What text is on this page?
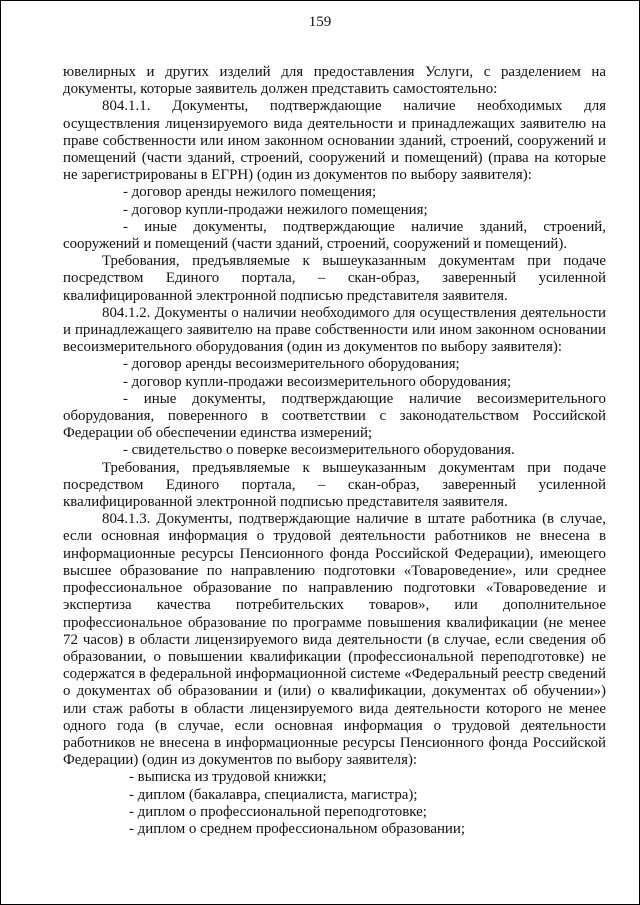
159

ювелирных и других изделий для предоставления Услуги, с разделением на документы, которые заявитель должен представить самостоятельно:

804.1.1. Документы, подтверждающие наличие необходимых для осуществления лицензируемого вида деятельности и принадлежащих заявителю на праве собственности или ином законном основании зданий, строений, сооружений и помещений (части зданий, строений, сооружений и помещений) (права на которые не зарегистрированы в ЕГРН) (один из документов по выбору заявителя):

- договор аренды нежилого помещения;

- договор купли-продажи нежилого помещения;

- иные документы, подтверждающие наличие зданий, строений, сооружений и помещений (части зданий, строений, сооружений и помещений).

Требования, предъявляемые к вышеуказанным документам при подаче посредством Единого портала, – скан-образ, заверенный усиленной квалифицированной электронной подписью представителя заявителя.

804.1.2. Документы о наличии необходимого для осуществления деятельности и принадлежащего заявителю на праве собственности или ином законном основании весоизмерительного оборудования (один из документов по выбору заявителя):

- договор аренды весоизмерительного оборудования;

- договор купли-продажи весоизмерительного оборудования;

- иные документы, подтверждающие наличие весоизмерительного оборудования, поверенного в соответствии с законодательством Российской Федерации об обеспечении единства измерений;

- свидетельство о поверке весоизмерительного оборудования.

Требования, предъявляемые к вышеуказанным документам при подаче посредством Единого портала, – скан-образ, заверенный усиленной квалифицированной электронной подписью представителя заявителя.

804.1.3. Документы, подтверждающие наличие в штате работника (в случае, если основная информация о трудовой деятельности работников не внесена в информационные ресурсы Пенсионного фонда Российской Федерации), имеющего высшее образование по направлению подготовки «Товароведение», или среднее профессиональное образование по направлению подготовки «Товароведение и экспертиза качества потребительских товаров», или дополнительное профессиональное образование по программе повышения квалификации (не менее 72 часов) в области лицензируемого вида деятельности (в случае, если сведения об образовании, о повышении квалификации (профессиональной переподготовке) не содержатся в федеральной информационной системе «Федеральный реестр сведений о документах об образовании и (или) о квалификации, документах об обучении») или стаж работы в области лицензируемого вида деятельности которого не менее одного года (в случае, если основная информация о трудовой деятельности работников не внесена в информационные ресурсы Пенсионного фонда Российской Федерации) (один из документов по выбору заявителя):

- выписка из трудовой книжки;

- диплом (бакалавра, специалиста, магистра);

- диплом о профессиональной переподготовке;

- диплом о среднем профессиональном образовании;
